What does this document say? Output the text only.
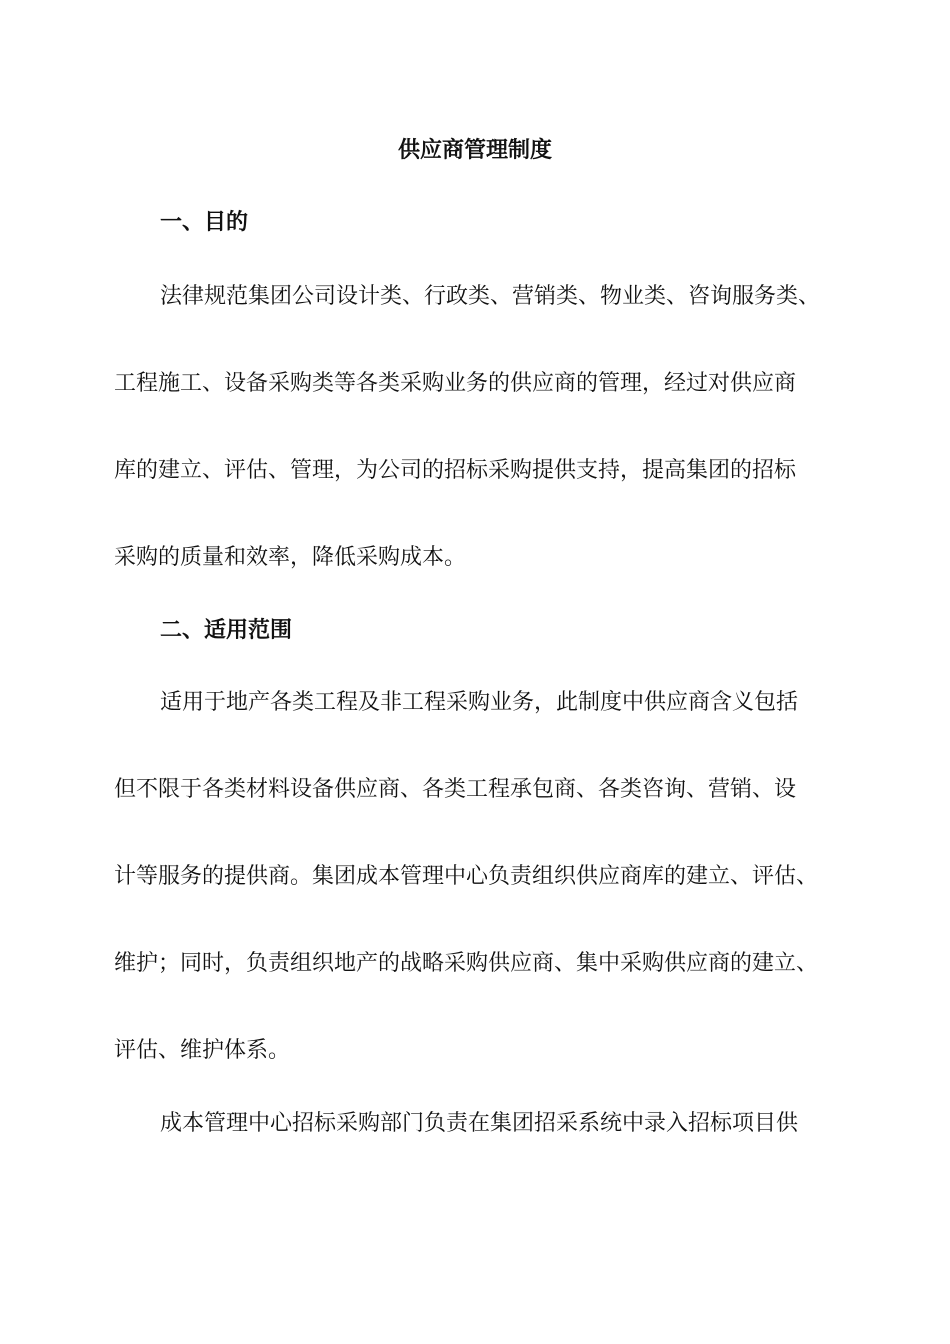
供应商管理制度
一、目的
法律规范集团公司设计类、行政类、营销类、物业类、咨询服务类、
工程施工、设备采购类等各类采购业务的供应商的管理，经过对供应商
库的建立、评估、管理，为公司的招标采购提供支持，提高集团的招标
采购的质量和效率，降低采购成本。
二、适用范围
适用于地产各类工程及非工程采购业务，此制度中供应商含义包括
但不限于各类材料设备供应商、各类工程承包商、各类咨询、营销、设
计等服务的提供商。集团成本管理中心负责组织供应商库的建立、评估、
维护；同时，负责组织地产的战略采购供应商、集中采购供应商的建立、
评估、维护体系。
成本管理中心招标采购部门负责在集团招采系统中录入招标项目供
